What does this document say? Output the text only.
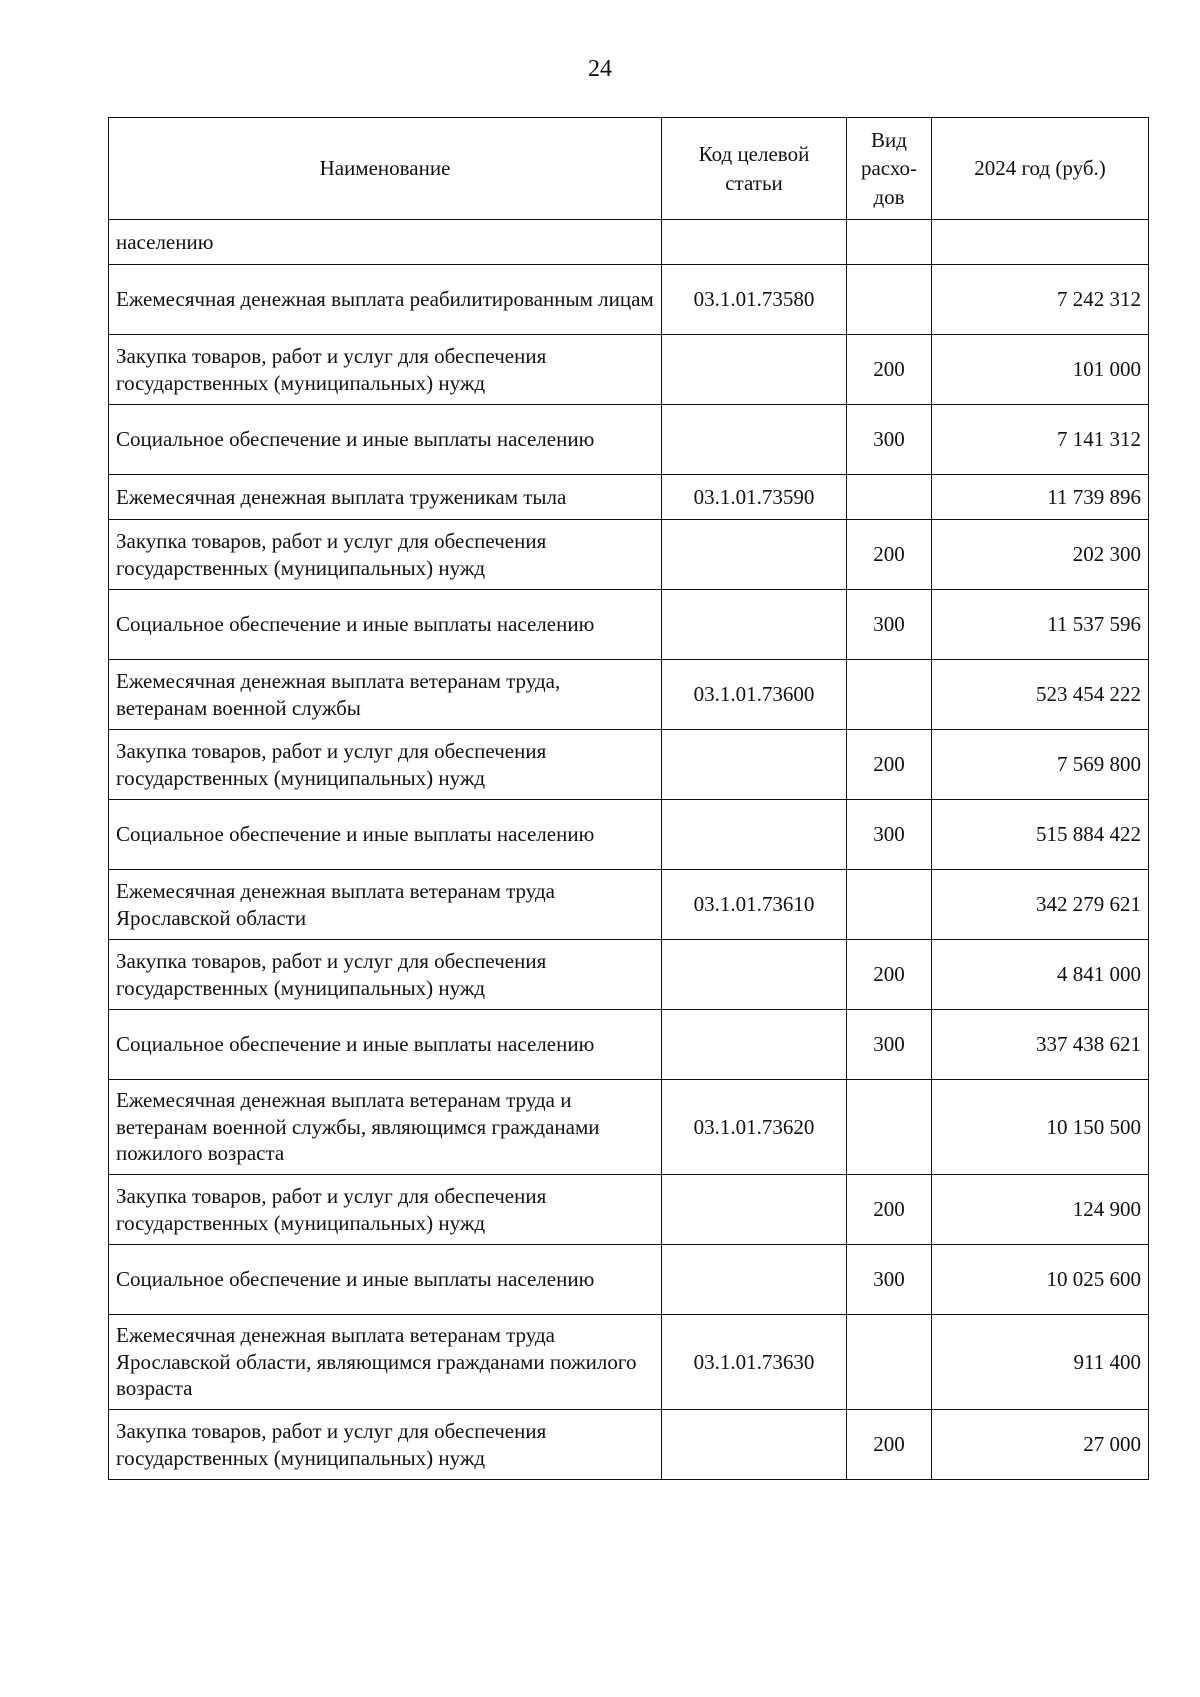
24
Наименование	Код целевой статьи	Вид расхо-дов	2024 год (руб.)
населению			
Ежемесячная денежная выплата реабилитированным лицам	03.1.01.73580		7 242 312
Закупка товаров, работ и услуг для обеспечения государственных (муниципальных) нужд		200	101 000
Социальное обеспечение и иные выплаты населению		300	7 141 312
Ежемесячная денежная выплата труженикам тыла	03.1.01.73590		11 739 896
Закупка товаров, работ и услуг для обеспечения государственных (муниципальных) нужд		200	202 300
Социальное обеспечение и иные выплаты населению		300	11 537 596
Ежемесячная денежная выплата ветеранам труда, ветеранам военной службы	03.1.01.73600		523 454 222
Закупка товаров, работ и услуг для обеспечения государственных (муниципальных) нужд		200	7 569 800
Социальное обеспечение и иные выплаты населению		300	515 884 422
Ежемесячная денежная выплата ветеранам труда Ярославской области	03.1.01.73610		342 279 621
Закупка товаров, работ и услуг для обеспечения государственных (муниципальных) нужд		200	4 841 000
Социальное обеспечение и иные выплаты населению		300	337 438 621
Ежемесячная денежная выплата ветеранам труда и ветеранам военной службы, являющимся гражданами пожилого возраста	03.1.01.73620		10 150 500
Закупка товаров, работ и услуг для обеспечения государственных (муниципальных) нужд		200	124 900
Социальное обеспечение и иные выплаты населению		300	10 025 600
Ежемесячная денежная выплата ветеранам труда Ярославской области, являющимся гражданами пожилого возраста	03.1.01.73630		911 400
Закупка товаров, работ и услуг для обеспечения государственных (муниципальных) нужд		200	27 000
